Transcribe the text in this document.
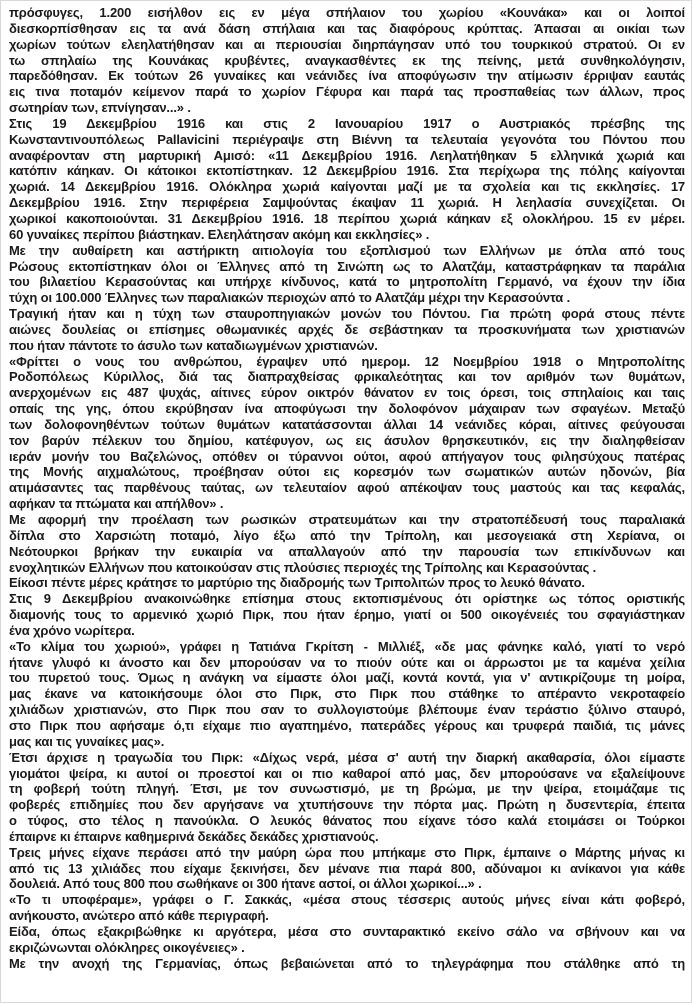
πρόσφυγες, 1.200 εισήλθον εις εν μέγα σπήλαιον του χωρίου «Κουνάκα» και οι λοιποί
διεσκορπίσθησαν εις τα ανά δάση σπήλαια και τας διαφόρους κρύπτας. Άπασαι αι οικίαι των
χωρίων τούτων ελεηλατήθησαν και αι περιουσίαι διηρπάγησαν υπό του τουρκικού στρατού. Οι εν
τω σπηλαίω της Κουνάκας κρυβέντες, αναγκασθέντες εκ της πείνης, μετά συνθηκολόγησιν,
παρεδόθησαν. Εκ τούτων 26 γυναίκες και νεάνιδες ίνα αποφύγωσιν την ατίμωσιν έρριψαν εαυτάς
εις τινα ποταμόν κείμενον παρά το χωρίον Γέφυρα και παρά τας προσπαθείας των άλλων, προς
σωτηρίαν των, επνίγησαν...» .
Στις 19 Δεκεμβρίου 1916 και στις 2 Ιανουαρίου 1917 ο Αυστριακός πρέσβης της
Κωνσταντινουπόλεως Pallavicini περιέγραψε στη Βιέννη τα τελευταία γεγονότα του Πόντου που
αναφέρονταν στη μαρτυρική Αμισό: «11 Δεκεμβρίου 1916. Λεηλατήθηκαν 5 ελληνικά χωριά και
κατόπιν κάηκαν. Οι κάτοικοι εκτοπίστηκαν. 12 Δεκεμβρίου 1916. Στα περίχωρα της πόλης καίγονται
χωριά. 14 Δεκεμβρίου 1916. Ολόκληρα χωριά καίγονται μαζί με τα σχολεία και τις εκκλησίες. 17
Δεκεμβρίου 1916. Στην περιφέρεια Σαμψούντας έκαψαν 11 χωριά. Η λεηλασία συνεχίζεται. Οι
χωρικοί κακοποιούνται. 31 Δεκεμβρίου 1916. 18 περίπου χωριά κάηκαν εξ ολοκλήρου. 15 εν μέρει.
60 γυναίκες περίπου βιάστηκαν. Ελεηλάτησαν ακόμη και εκκλησίες» .
Με την αυθαίρετη και αστήρικτη αιτιολογία του εξοπλισμού των Ελλήνων με όπλα από τους
Ρώσους εκτοπίστηκαν όλοι οι Έλληνες από τη Σινώπη ως το Αλατζάμ, καταστράφηκαν τα παράλια
του βιλαετίου Κερασούντας και υπήρχε κίνδυνος, κατά το μητροπολίτη Γερμανό, να έχουν την ίδια
τύχη οι 100.000 Έλληνες των παραλιακών περιοχών από το Αλατζάμ μέχρι την Κερασούντα .
Τραγική ήταν και η τύχη των σταυροπηγιακών μονών του Πόντου. Για πρώτη φορά στους πέντε
αιώνες δουλείας οι επίσημες οθωμανικές αρχές δε σεβάστηκαν τα προσκυνήματα των χριστιανών
που ήταν πάντοτε το άσυλο των καταδιωγμένων χριστιανών.
«Φρίττει ο νους του ανθρώπου, έγραψεν υπό ημερομ. 12 Νοεμβρίου 1918 ο Μητροπολίτης
Ροδοπόλεως Κύριλλος, διά τας διαπραχθείσας φρικαλεότητας και τον αριθμόν των θυμάτων,
ανερχομένων εις 487 ψυχάς, αίτινες εύρον οικτρόν θάνατον εν τοις όρεσι, τοις σπηλαίοις και ταις
οπαίς της γης, όπου εκρύβησαν ίνα αποφύγωσι την δολοφόνον μάχαιραν των σφαγέων. Μεταξύ
των δολοφονηθέντων τούτων θυμάτων κατατάσσονται άλλαι 14 νεάνιδες κόραι, αίτινες φεύγουσαι
τον βαρύν πέλεκυν του δημίου, κατέφυγον, ως εις άσυλον θρησκευτικόν, εις την διαληφθείσαν
ιεράν μονήν του Βαζελώνος, οπόθεν οι τύραννοι ούτοι, αφού απήγαγον τους φιλησύχους πατέρας
της Μονής αιχμαλώτους, προέβησαν ούτοι εις κορεσμόν των σωματικών αυτών ηδονών, βία
ατιμάσαντες τας παρθένους ταύτας, ων τελευταίον αφού απέκοψαν τους μαστούς και τας κεφαλάς,
αφήκαν τα πτώματα και απήλθον» .
Με αφορμή την προέλαση των ρωσικών στρατευμάτων και την στρατοπέδευσή τους παραλιακά
δίπλα στο Χαρσιώτη ποταμό, λίγο έξω από την Τρίπολη, και μεσογειακά στη Χερίανα, οι
Νεότουρκοι βρήκαν την ευκαιρία να απαλλαγούν από την παρουσία των επικίνδυνων και
ενοχλητικών Ελλήνων που κατοικούσαν στις πλούσιες περιοχές της Τρίπολης και Κερασούντας .
Είκοσι πέντε μέρες κράτησε το μαρτύριο της διαδρομής των Τριπολιτών προς το λευκό θάνατο.
Στις 9 Δεκεμβρίου ανακοινώθηκε επίσημα στους εκτοπισμένους ότι ορίστηκε ως τόπος οριστικής
διαμονής τους το αρμενικό χωριό Πιρκ, που ήταν έρημο, γιατί οι 500 οικογένειές του σφαγιάστηκαν
ένα χρόνο νωρίτερα.
«Το κλίμα του χωριού», γράφει η Τατιάνα Γκρίτση - Μιλλιέξ, «δε μας φάνηκε καλό, γιατί το νερό
ήτανε γλυφό κι άνοστο και δεν μπορούσαν να το πιούν ούτε και οι άρρωστοι με τα καμένα χείλια
του πυρετού τους. Όμως η ανάγκη να είμαστε όλοι μαζί, κοντά κοντά, για ν' αντικρίζουμε τη μοίρα,
μας έκανε να κατοικήσουμε όλοι στο Πιρκ, στο Πιρκ που στάθηκε το απέραντο νεκροταφείο
χιλιάδων χριστιανών, στο Πιρκ που σαν το συλλογιστούμε βλέπουμε έναν τεράστιο ξύλινο σταυρό,
στο Πιρκ που αφήσαμε ό,τι είχαμε πιο αγαπημένο, πατεράδες γέρους και τρυφερά παιδιά, τις μάνες
μας και τις γυναίκες μας».
Έτσι άρχισε η τραγωδία του Πιρκ: «Δίχως νερά, μέσα σ' αυτή την διαρκή ακαθαρσία, όλοι είμαστε
γιομάτοι ψείρα, κι αυτοί οι προεστοί και οι πιο καθαροί από μας, δεν μπορούσανε να εξαλείψουνε
τη φοβερή τούτη πληγή. Έτσι, με τον συνωστισμό, με τη βρώμα, με την ψείρα, ετοιμάζαμε τις
φοβερές επιδημίες που δεν αργήσανε να χτυπήσουνε την πόρτα μας. Πρώτη η δυσεντερία, έπειτα
ο τύφος, στο τέλος η πανούκλα. Ο λευκός θάνατος που είχανε τόσο καλά ετοιμάσει οι Τούρκοι
έπαιρνε κι έπαιρνε καθημερινά δεκάδες δεκάδες χριστιανούς.
Τρεις μήνες είχανε περάσει από την μαύρη ώρα που μπήκαμε στο Πιρκ, έμπαινε ο Μάρτης μήνας κι
από τις 13 χιλιάδες που είχαμε ξεκινήσει, δεν μένανε πια παρά 800, αδύναμοι κι ανίκανοι για κάθε
δουλειά. Από τους 800 που σωθήκανε οι 300 ήτανε αστοί, οι άλλοι χωρικοί...» .
«Το τι υποφέραμε», γράφει ο Γ. Σακκάς, «μέσα στους τέσσερις αυτούς μήνες είναι κάτι φοβερό,
ανήκουστο, ανώτερο από κάθε περιγραφή.
Είδα, όπως εξακριβώθηκε κι αργότερα, μέσα στο συνταρακτικό εκείνο σάλο να σβήνουν και να
εκριζώνωνται ολόκληρες οικογένειες» .
Με την ανοχή της Γερμανίας, όπως βεβαιώνεται από το τηλεγράφημα που στάλθηκε από τη
